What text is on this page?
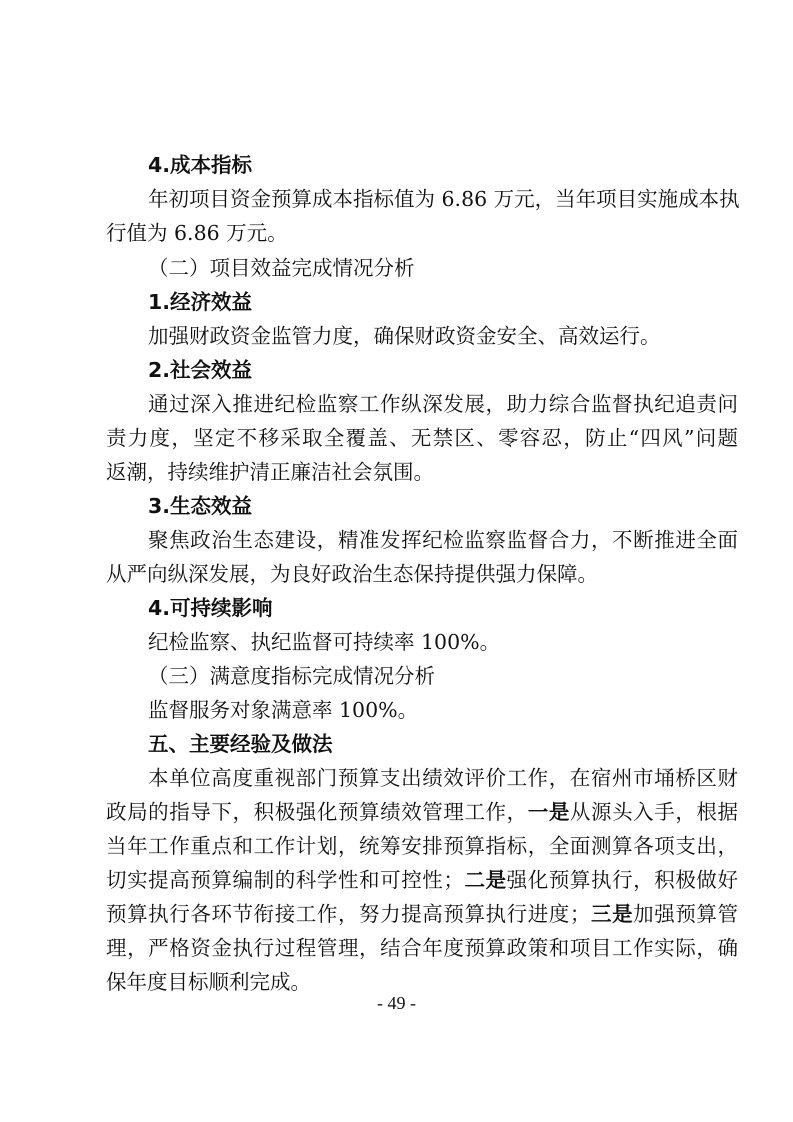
4.成本指标
年初项目资金预算成本指标值为 6.86 万元，当年项目实施成本执
行值为 6.86 万元。
（二）项目效益完成情况分析
1.经济效益
加强财政资金监管力度，确保财政资金安全、高效运行。
2.社会效益
通过深入推进纪检监察工作纵深发展，助力综合监督执纪追责问
责力度，坚定不移采取全覆盖、无禁区、零容忍，防止“四风”问题
返潮，持续维护清正廉洁社会氛围。
3.生态效益
聚焦政治生态建设，精准发挥纪检监察监督合力，不断推进全面
从严向纵深发展，为良好政治生态保持提供强力保障。
4.可持续影响
纪检监察、执纪监督可持续率 100%。
（三）满意度指标完成情况分析
监督服务对象满意率 100%。
五、主要经验及做法
本单位高度重视部门预算支出绩效评价工作，在宿州市埇桥区财
政局的指导下，积极强化预算绩效管理工作，一是从源头入手，根据
当年工作重点和工作计划，统筹安排预算指标，全面测算各项支出，
切实提高预算编制的科学性和可控性；二是强化预算执行，积极做好
预算执行各环节衔接工作，努力提高预算执行进度；三是加强预算管
理，严格资金执行过程管理，结合年度预算政策和项目工作实际，确
保年度目标顺利完成。
- 49 -
